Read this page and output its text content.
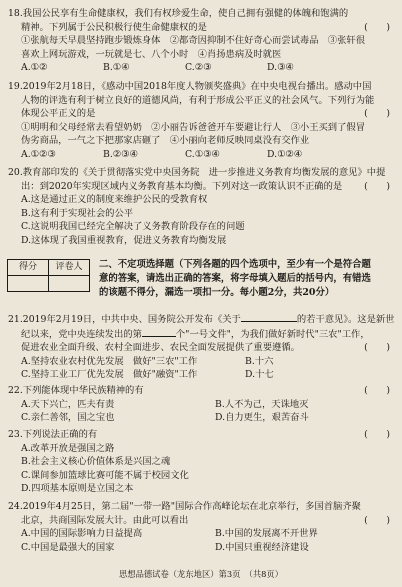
18.我国公民享有生命健康权，我们有权珍爱生命，使自己拥有强健的体魄和饱满的
精神。下列属于公民积极行使生命健康权的是	(　　)
①张航每天早晨坚持跑步锻炼身体　②都奇因抑制不住好奇心而尝试毒品　③张轩很
喜欢上网玩游戏，一玩就是七、八个小时　④肖扬患病及时就医
A.①②	B.①④	C.②③	D.③④
19.2019年2月18日，《感动中国2018年度人物颁奖盛典》在中央电视台播出。感动中国
人物的评选有利于树立良好的道德风尚，有利于形成公平正义的社会风气。下列行为能
体现公平正义的是	(　　)
①明明和父母经常去看望奶奶　②小丽告诉爸爸开车要避让行人　③小王买到了假冒
伪劣商品，一气之下把那家店砸了　④小丽向老师反映同桌没有交作业
A.①②③	B.②③④	C.①③④	D.①②④
20.教育部印发的《关于贯彻落实党中央国务院　进一步推进义务教育均衡发展的意见》中提
出：到2020年实现区域内义务教育基本均衡。下列对这一政策认识不正确的是 (　　)
A.这是通过正义的制度来维护公民的受教育权
B.这有利于实现社会的公平
C.这说明我国已经完全解决了义务教育阶段存在的问题
D.这体现了我国重视教育，促进义务教育均衡发展
得分	评卷人
	二、不定项选择题（下列各题的四个选项中，至少有一个是符合题
意的答案，请选出正确的答案，将字母填入题后的括号内，有错选
的该题不得分，漏选一项扣一分。每小题2分，共20分）
21.2019年2月19日，中共中央、国务院公开发布《关于	的若干意见》。这是新世
纪以来，党中央连续发出的第	个"一号文件"，为我们做好新时代"三农"工作，
促进农业全面升级、农村全面进步、农民全面发展提供了重要遵循。	(　　)
A.坚持农业农村优先发展　做好"三农"工作	B.十六
C.坚持工业工厂优先发展　做好"融资"工作	D.十七
22.下列能体现中华民族精神的有	(　　)
A.天下兴亡，匹夫有责	B.人不为己，天诛地灭
C.亲仁善邻，国之宝也	D.自力更生，艰苦奋斗
23.下列说法正确的有	(　　)
A.改革开放是强国之路
B.社会主义核心价值体系是兴国之魂
C.课间参加篮球比赛可能不属于校园文化
D.四项基本原则是立国之本
24.2019年4月25日，第二届"一带一路"国际合作高峰论坛在北京举行，多国首脑齐聚
北京，共商国际发展大计。由此可以看出	(　　)
A.中国的国际影响力日益提高	B.中国的发展离不开世界
C.中国是最强大的国家	D.中国只重视经济建设
思想品德试卷（龙东地区）第3页　（共8页）
